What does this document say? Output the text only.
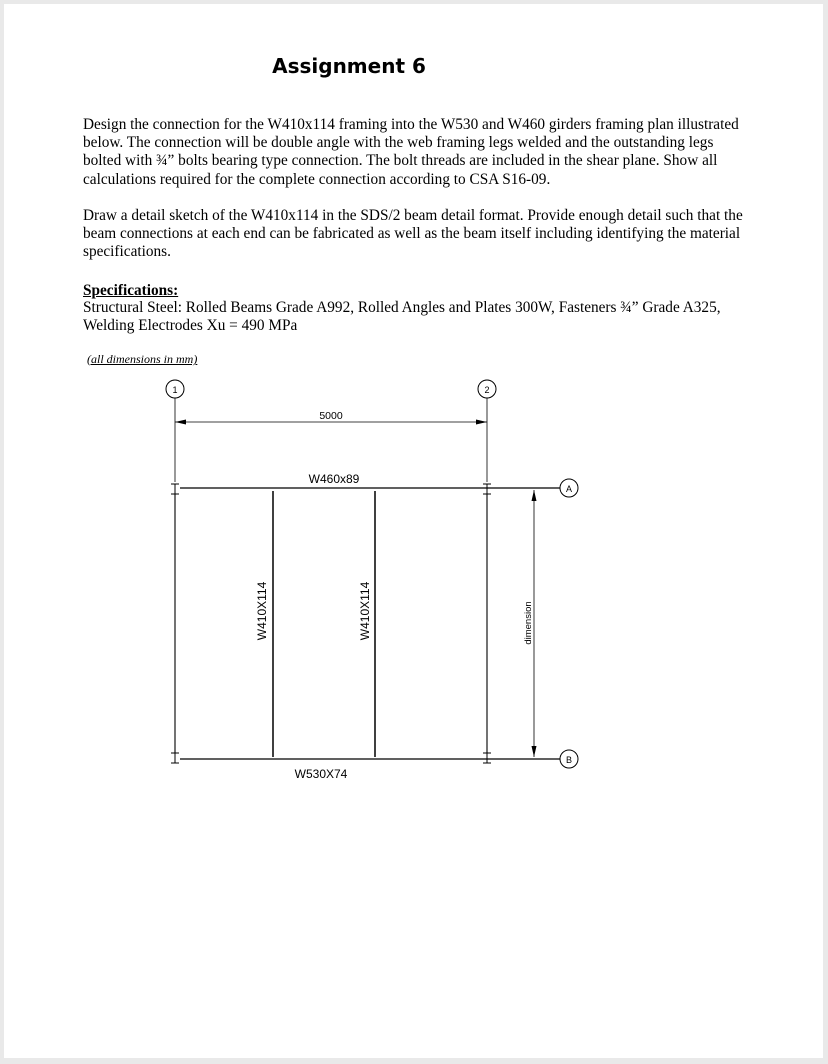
Assignment 6

Design the connection for the W410x114 framing into the W530 and W460 girders framing plan illustrated below. The connection will be double angle with the web framing legs welded and the outstanding legs bolted with ¾” bolts bearing type connection. The bolt threads are included in the shear plane. Show all calculations required for the complete connection according to CSA S16-09.

Draw a detail sketch of the W410x114 in the SDS/2 beam detail format. Provide enough detail such that the beam connections at each end can be fabricated as well as the beam itself including identifying the material specifications.

Specifications:

Structural Steel: Rolled Beams Grade A992, Rolled Angles and Plates 300W, Fasteners ¾” Grade A325, Welding Electrodes Xu = 490 MPa

(all dimensions in mm)
1	2
A
B
5000
W460x89
W530X74
W410X114	W410X114	dimension
